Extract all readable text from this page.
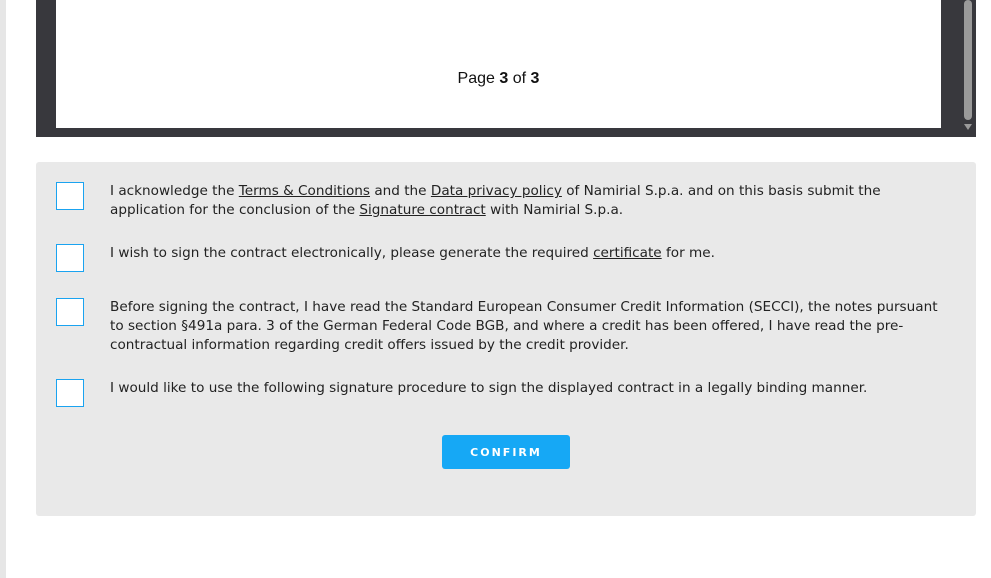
Page 3 of 3
I acknowledge the Terms & Conditions and the Data privacy policy of Namirial S.p.a. and on this basis submit the application for the conclusion of the Signature contract with Namirial S.p.a.
I wish to sign the contract electronically, please generate the required certificate for me.
Before signing the contract, I have read the Standard European Consumer Credit Information (SECCI), the notes pursuant to section §491a para. 3 of the German Federal Code BGB, and where a credit has been offered, I have read the pre-contractual information regarding credit offers issued by the credit provider.
I would like to use the following signature procedure to sign the displayed contract in a legally binding manner.
CONFIRM
